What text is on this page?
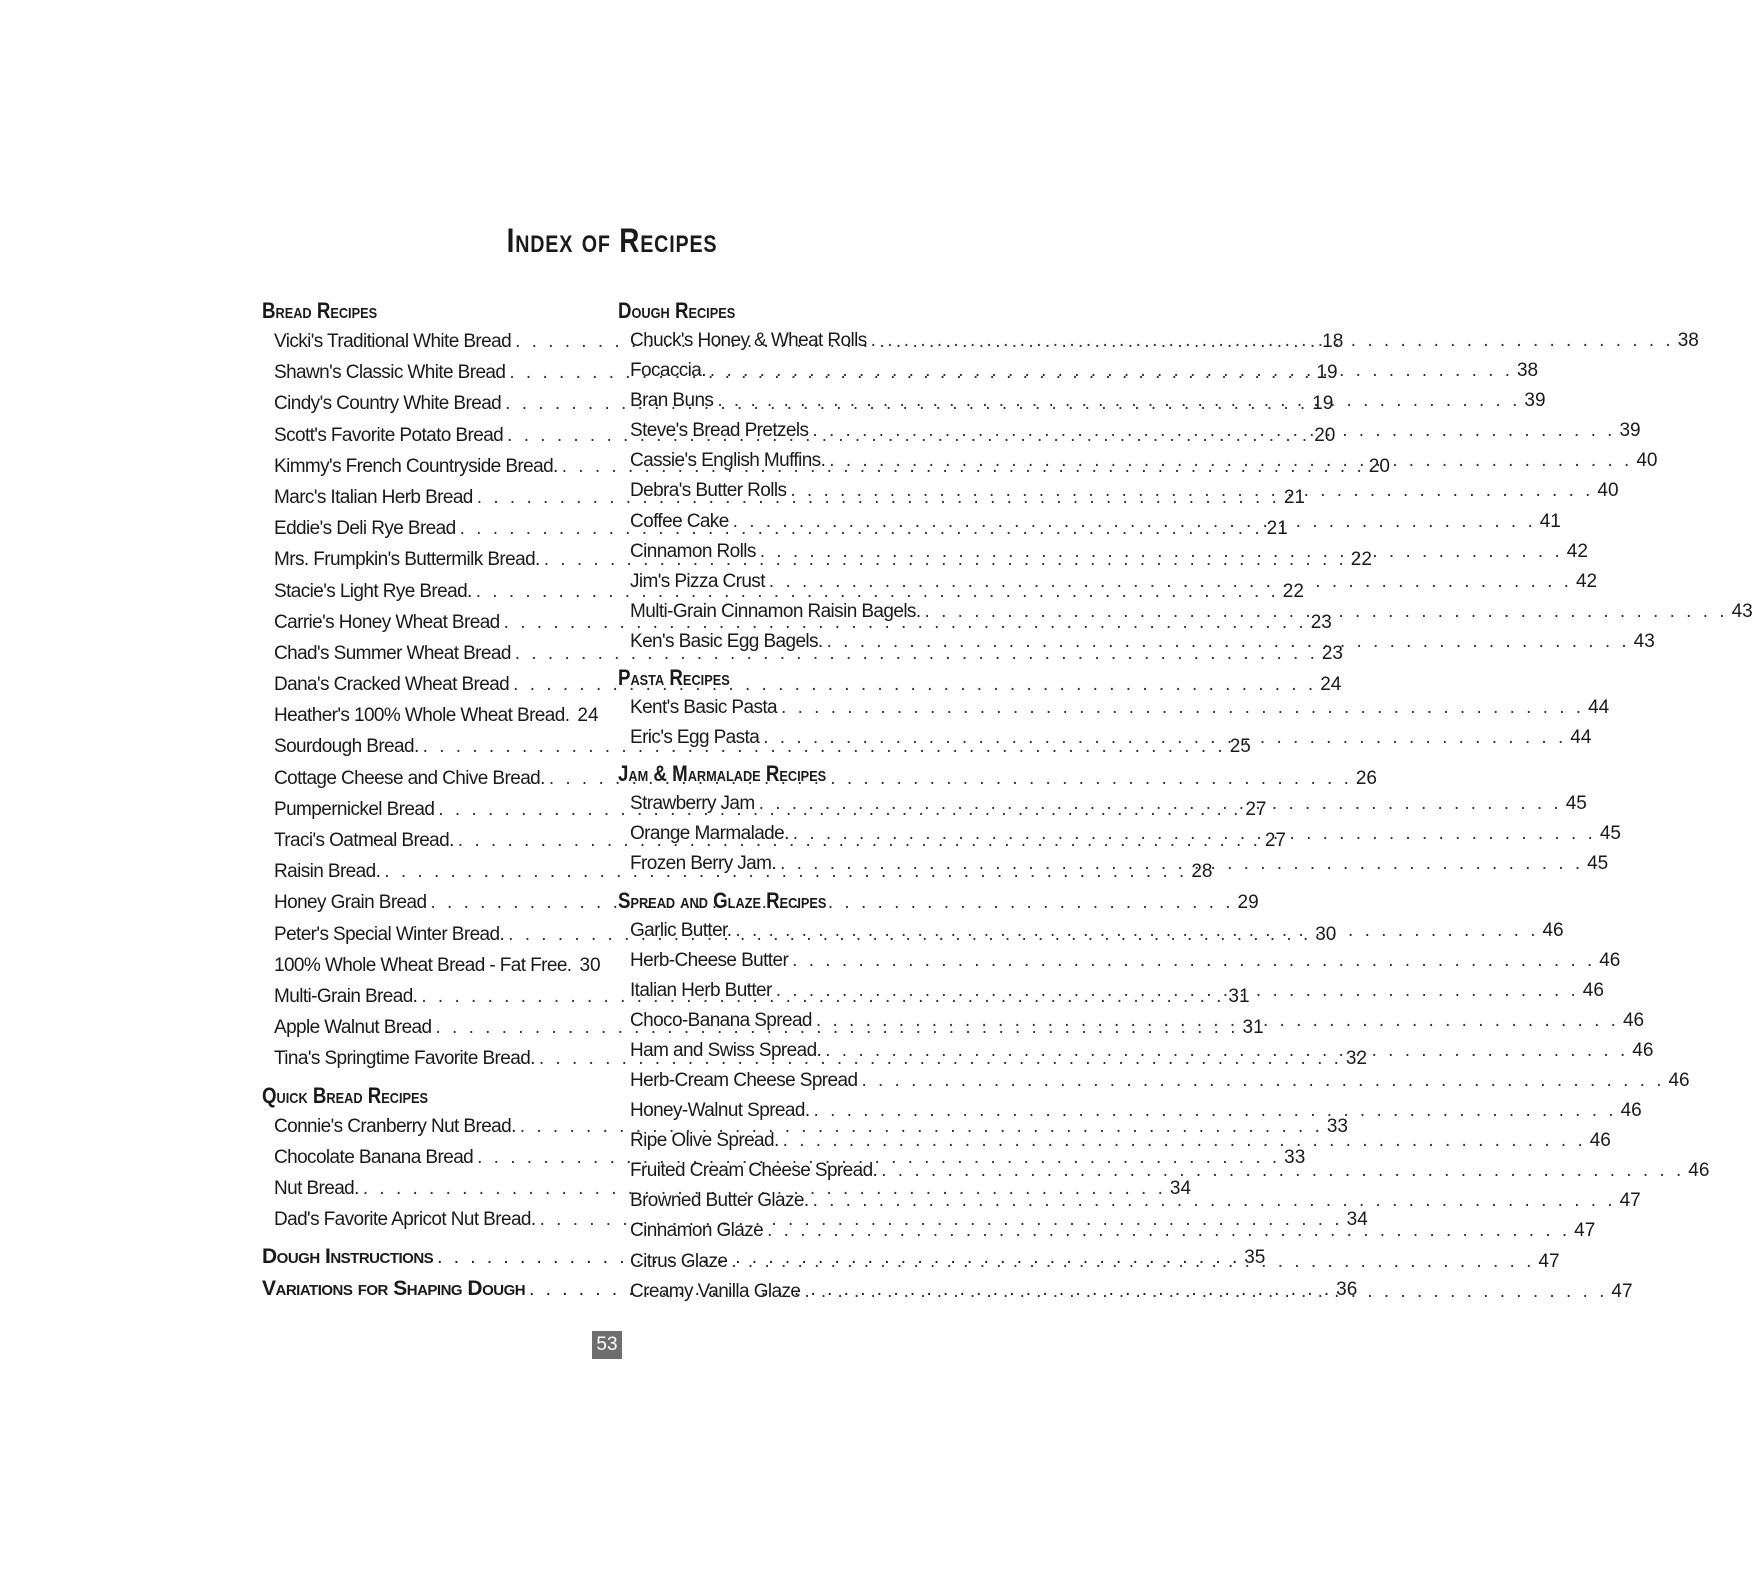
Index of Recipes
Bread Recipes
Vicki's Traditional White Bread . . .	18
Shawn's Classic White Bread . . .	19
Cindy's Country White Bread . . .	19
Scott's Favorite Potato Bread . . .	20
Kimmy's French Countryside Bread. . . .	20
Marc's Italian Herb Bread . . .	21
Eddie's Deli Rye Bread . . .	21
Mrs. Frumpkin's Buttermilk Bread. . . .	22
Stacie's Light Rye Bread. . . .	22
Carrie's Honey Wheat Bread . . .	23
Chad's Summer Wheat Bread . . .	23
Dana's Cracked Wheat Bread . . .	24
Heather's 100% Whole Wheat Bread. 24
Sourdough Bread. . . .	25
Cottage Cheese and Chive Bread. . . .	26
Pumpernickel Bread . . .	27
Traci's Oatmeal Bread. . . .	27
Raisin Bread. . . .	28
Honey Grain Bread . . .	29
Peter's Special Winter Bread. . . .	30
100% Whole Wheat Bread - Fat Free. 30
Multi-Grain Bread. . . .	31
Apple Walnut Bread . . .	31
Tina's Springtime Favorite Bread. . . .	32
Quick Bread Recipes
Connie's Cranberry Nut Bread. . . .	33
Chocolate Banana Bread . . .	33
Nut Bread. . . .	34
Dad's Favorite Apricot Nut Bread. . . .	34
Dough Instructions . . .	35
Variations for Shaping Dough . . .	36
Dough Recipes
Chuck's Honey & Wheat Rolls . . .	38
Focaccia. . . .	38
Bran Buns . . .	39
Steve's Bread Pretzels . . .	39
Cassie's English Muffins. . . .	40
Debra's Butter Rolls . . .	40
Coffee Cake . . .	41
Cinnamon Rolls . . .	42
Jim's Pizza Crust . . .	42
Multi-Grain Cinnamon Raisin Bagels. . . .	43
Ken's Basic Egg Bagels. . . .	43
Pasta Recipes
Kent's Basic Pasta . . .	44
Eric's Egg Pasta . . .	44
Jam & Marmalade Recipes
Strawberry Jam . . .	45
Orange Marmalade. . . .	45
Frozen Berry Jam. . . .	45
Spread and Glaze Recipes
Garlic Butter. . . .	46
Herb-Cheese Butter . . .	46
Italian Herb Butter . . .	46
Choco-Banana Spread . . .	46
Ham and Swiss Spread. . . .	46
Herb-Cream Cheese Spread . . .	46
Honey-Walnut Spread. . . .	46
Ripe Olive Spread. . . .	46
Fruited Cream Cheese Spread. . . .	46
Browned Butter Glaze. . . .	47
Cinnamon Glaze . . .	47
Citrus Glaze . . .	47
Creamy Vanilla Glaze . . .	47
53
